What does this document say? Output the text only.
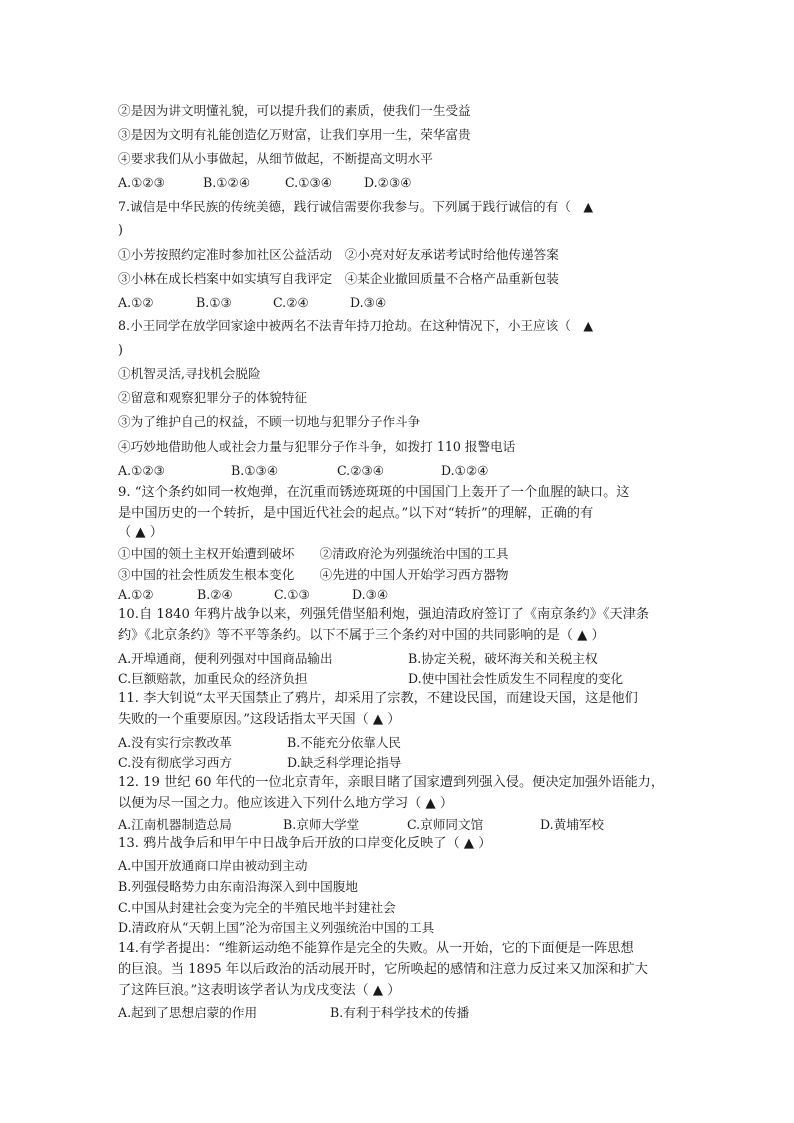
②是因为讲文明懂礼貌，可以提升我们的素质，使我们一生受益
③是因为文明有礼能创造亿万财富，让我们享用一生，荣华富贵
④要求我们从小事做起，从细节做起，不断提高文明水平
A.①②③	B.①②④	C.①③④	D.②③④
7.诚信是中华民族的传统美德，践行诚信需要你我参与。下列属于践行诚信的有（　▲
)
①小芳按照约定准时参加社区公益活动　②小亮对好友承诺考试时给他传递答案
③小林在成长档案中如实填写自我评定　④某企业撤回质量不合格产品重新包装
A.①②	B.①③	C.②④	D.③④
8.小王同学在放学回家途中被两名不法青年持刀抢劫。在这种情况下，小王应该（　▲
)
①机智灵活,寻找机会脱险
②留意和观察犯罪分子的体貌特征
③为了维护自己的权益，不顾一切地与犯罪分子作斗争
④巧妙地借助他人或社会力量与犯罪分子作斗争，如拨打 110 报警电话
A.①②③	B.①③④	C.②③④	D.①②④
9. “这个条约如同一枚炮弹，在沉重而锈迹斑斑的中国国门上轰开了一个血腥的缺口。这
是中国历史的一个转折，是中国近代社会的起点。”以下对“转折”的理解，正确的有
（ ▲ ）
①中国的领土主权开始遭到破坏　　②清政府沦为列强统治中国的工具
③中国的社会性质发生根本变化　　④先进的中国人开始学习西方器物
A.①②	B.②④	C.①③	D.③④
10.自 1840 年鸦片战争以来，列强凭借坚船利炮，强迫清政府签订了《南京条约》《天津条
约》《北京条约》等不平等条约。以下不属于三个条约对中国的共同影响的是（ ▲ ）
A.开埠通商，便利列强对中国商品输出	B.协定关税，破坏海关和关税主权
C.巨额赔款，加重民众的经济负担	D.使中国社会性质发生不同程度的变化
11. 李大钊说“太平天国禁止了鸦片，却采用了宗教，不建设民国，而建设天国，这是他们
失败的一个重要原因。”这段话指太平天国（ ▲ ）
A.没有实行宗教改革	B.不能充分依靠人民
C.没有彻底学习西方	D.缺乏科学理论指导
12. 19 世纪 60 年代的一位北京青年，亲眼目睹了国家遭到列强入侵。便决定加强外语能力，
以便为尽一国之力。他应该进入下列什么地方学习（ ▲ ）
A.江南机器制造总局	B.京师大学堂	C.京师同文馆	D.黄埔军校
13. 鸦片战争后和甲午中日战争后开放的口岸变化反映了（ ▲ ）
A.中国开放通商口岸由被动到主动
B.列强侵略势力由东南沿海深入到中国腹地
C.中国从封建社会变为完全的半殖民地半封建社会
D.清政府从“天朝上国”沦为帝国主义列强统治中国的工具
14.有学者提出：“维新运动绝不能算作是完全的失败。从一开始，它的下面便是一阵思想
的巨浪。当 1895 年以后政治的活动展开时，它所唤起的感情和注意力反过来又加深和扩大
了这阵巨浪。”这表明该学者认为戊戌变法（ ▲ ）
A.起到了思想启蒙的作用	B.有利于科学技术的传播
